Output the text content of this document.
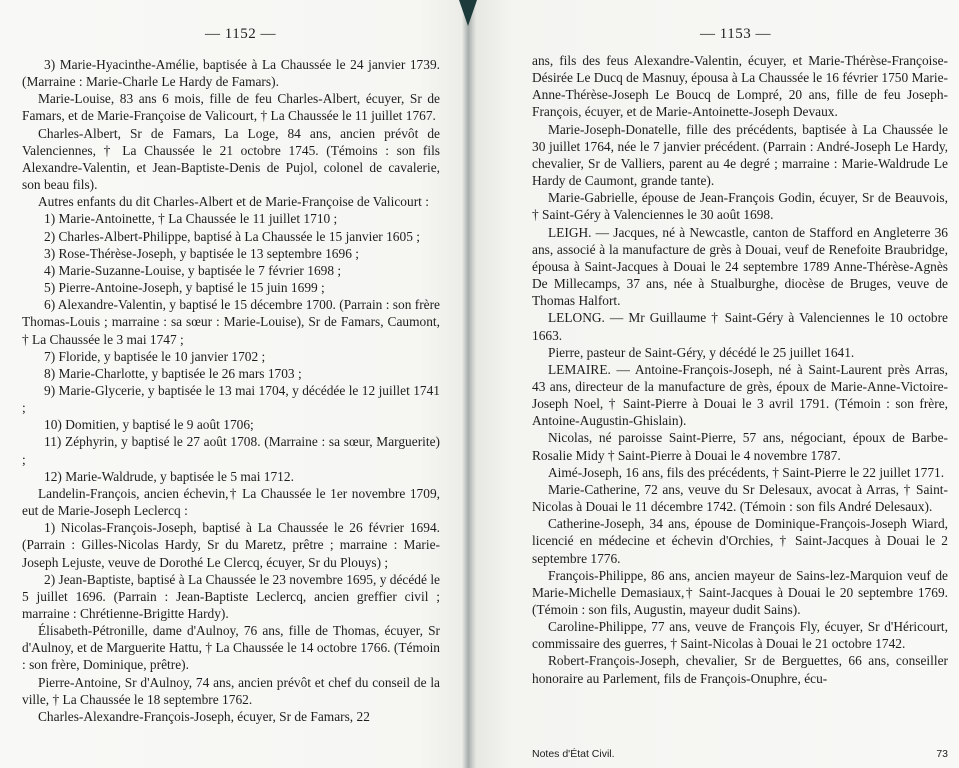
— 1152 —

3) Marie-Hyacinthe-Amélie, baptisée à La Chaussée le 24 janvier 1739. (Marraine : Marie-Charle Le Hardy de Famars).

Marie-Louise, 83 ans 6 mois, fille de feu Charles-Albert, écuyer, Sr de Famars, et de Marie-Françoise de Valicourt, † La Chaussée le 11 juillet 1767.

Charles-Albert, Sr de Famars, La Loge, 84 ans, ancien prévôt de Valenciennes, † La Chaussée le 21 octobre 1745. (Témoins : son fils Alexandre-Valentin, et Jean-Baptiste-Denis de Pujol, colonel de cavalerie, son beau fils).

Autres enfants du dit Charles-Albert et de Marie-Françoise de Valicourt :

1) Marie-Antoinette, † La Chaussée le 11 juillet 1710 ;

2) Charles-Albert-Philippe, baptisé à La Chaussée le 15 janvier 1605 ;

3) Rose-Thérèse-Joseph, y baptisée le 13 septembre 1696 ;

4) Marie-Suzanne-Louise, y baptisée le 7 février 1698 ;

5) Pierre-Antoine-Joseph, y baptisé le 15 juin 1699 ;

6) Alexandre-Valentin, y baptisé le 15 décembre 1700. (Parrain : son frère Thomas-Louis ; marraine : sa sœur : Marie-Louise), Sr de Famars, Caumont, † La Chaussée le 3 mai 1747 ;

7) Floride, y baptisée le 10 janvier 1702 ;

8) Marie-Charlotte, y baptisée le 26 mars 1703 ;

9) Marie-Glycerie, y baptisée le 13 mai 1704, y décédée le 12 juillet 1741 ;

10) Domitien, y baptisé le 9 août 1706;

11) Zéphyrin, y baptisé le 27 août 1708. (Marraine : sa sœur, Marguerite) ;

12) Marie-Waldrude, y baptisée le 5 mai 1712.

Landelin-François, ancien échevin,† La Chaussée le 1er novembre 1709, eut de Marie-Joseph Leclercq :

1) Nicolas-François-Joseph, baptisé à La Chaussée le 26 février 1694. (Parrain : Gilles-Nicolas Hardy, Sr du Maretz, prêtre ; marraine : Marie-Joseph Lejuste, veuve de Dorothé Le Clercq, écuyer, Sr du Plouys) ;

2) Jean-Baptiste, baptisé à La Chaussée le 23 novembre 1695, y décédé le 5 juillet 1696. (Parrain : Jean-Baptiste Leclercq, ancien greffier civil ; marraine : Chrétienne-Brigitte Hardy).

Élisabeth-Pétronille, dame d'Aulnoy, 76 ans, fille de Thomas, écuyer, Sr d'Aulnoy, et de Marguerite Hattu, † La Chaussée le 14 octobre 1766. (Témoin : son frère, Dominique, prêtre).

Pierre-Antoine, Sr d'Aulnoy, 74 ans, ancien prévôt et chef du conseil de la ville, † La Chaussée le 18 septembre 1762.

Charles-Alexandre-François-Joseph, écuyer, Sr de Famars, 22

— 1153 —

ans, fils des feus Alexandre-Valentin, écuyer, et Marie-Thérèse-Françoise-Désirée Le Ducq de Masnuy, épousa à La Chaussée le 16 février 1750 Marie-Anne-Thérèse-Joseph Le Boucq de Lompré, 20 ans, fille de feu Joseph-François, écuyer, et de Marie-Antoinette-Joseph Devaux.

Marie-Joseph-Donatelle, fille des précédents, baptisée à La Chaussée le 30 juillet 1764, née le 7 janvier précédent. (Parrain : André-Joseph Le Hardy, chevalier, Sr de Valliers, parent au 4e degré ; marraine : Marie-Waldrude Le Hardy de Caumont, grande tante).

Marie-Gabrielle, épouse de Jean-François Godin, écuyer, Sr de Beauvois, † Saint-Géry à Valenciennes le 30 août 1698.

LEIGH. — Jacques, né à Newcastle, canton de Stafford en Angleterre 36 ans, associé à la manufacture de grès à Douai, veuf de Renefoite Braubridge, épousa à Saint-Jacques à Douai le 24 septembre 1789 Anne-Thérèse-Agnès De Millecamps, 37 ans, née à Stualburghe, diocèse de Bruges, veuve de Thomas Halfort.

LELONG. — Mr Guillaume † Saint-Géry à Valenciennes le 10 octobre 1663.

Pierre, pasteur de Saint-Géry, y décédé le 25 juillet 1641.

LEMAIRE. — Antoine-François-Joseph, né à Saint-Laurent près Arras, 43 ans, directeur de la manufacture de grès, époux de Marie-Anne-Victoire-Joseph Noel, † Saint-Pierre à Douai le 3 avril 1791. (Témoin : son frère, Antoine-Augustin-Ghislain).

Nicolas, né paroisse Saint-Pierre, 57 ans, négociant, époux de Barbe-Rosalie Midy † Saint-Pierre à Douai le 4 novembre 1787.

Aimé-Joseph, 16 ans, fils des précédents, † Saint-Pierre le 22 juillet 1771.

Marie-Catherine, 72 ans, veuve du Sr Delesaux, avocat à Arras, † Saint-Nicolas à Douai le 11 décembre 1742. (Témoin : son fils André Delesaux).

Catherine-Joseph, 34 ans, épouse de Dominique-François-Joseph Wiard, licencié en médecine et échevin d'Orchies, † Saint-Jacques à Douai le 2 septembre 1776.

François-Philippe, 86 ans, ancien mayeur de Sains-lez-Marquion veuf de Marie-Michelle Demasiaux,† Saint-Jacques à Douai le 20 septembre 1769. (Témoin : son fils, Augustin, mayeur dudit Sains).

Caroline-Philippe, 77 ans, veuve de François Fly, écuyer, Sr d'Héricourt, commissaire des guerres, † Saint-Nicolas à Douai le 21 octobre 1742.

Robert-François-Joseph, chevalier, Sr de Berguettes, 66 ans, conseiller honoraire au Parlement, fils de François-Onuphre, écu-

Notes d'État Civil.	73
